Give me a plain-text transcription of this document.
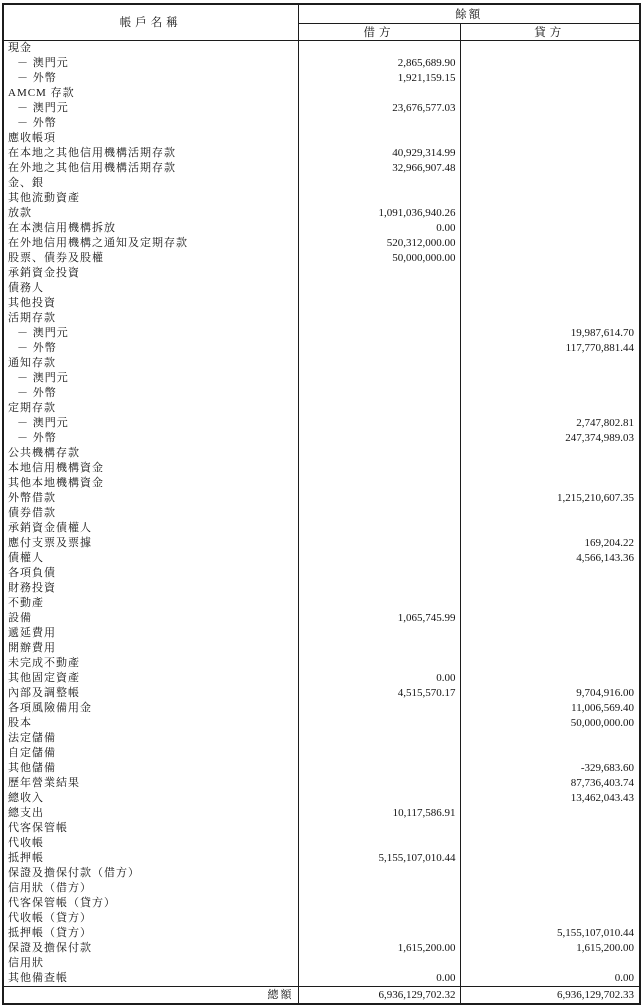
帳戶名稱	餘額	
	借方	貸方
現金		
－ 澳門元	2,865,689.90	
－ 外幣	1,921,159.15	
AMCM 存款		
－ 澳門元	23,676,577.03	
－ 外幣		
應收帳項		
在本地之其他信用機構活期存款	40,929,314.99	
在外地之其他信用機構活期存款	32,966,907.48	
金、銀		
其他流動資產		
放款	1,091,036,940.26	
在本澳信用機構拆放	0.00	
在外地信用機構之通知及定期存款	520,312,000.00	
股票、債券及股權	50,000,000.00	
承銷資金投資		
債務人		
其他投資		
活期存款		
－ 澳門元		19,987,614.70
－ 外幣		117,770,881.44
通知存款		
－ 澳門元		
－ 外幣		
定期存款		
－ 澳門元		2,747,802.81
－ 外幣		247,374,989.03
公共機構存款		
本地信用機構資金		
其他本地機構資金		
外幣借款		1,215,210,607.35
債券借款		
承銷資金債權人		
應付支票及票據		169,204.22
債權人		4,566,143.36
各項負債		
財務投資		
不動產		
設備	1,065,745.99	
遞延費用		
開辦費用		
未完成不動產		
其他固定資產	0.00	
內部及調整帳	4,515,570.17	9,704,916.00
各項風險備用金		11,006,569.40
股本		50,000,000.00
法定儲備		
自定儲備		
其他儲備		-329,683.60
歷年營業結果		87,736,403.74
總收入		13,462,043.43
總支出	10,117,586.91	
代客保管帳		
代收帳		
抵押帳	5,155,107,010.44	
保證及擔保付款（借方）		
信用狀（借方）		
代客保管帳（貸方）		
代收帳（貸方）		
抵押帳（貸方）		5,155,107,010.44
保證及擔保付款	1,615,200.00	1,615,200.00
信用狀		
其他備查帳	0.00	0.00
總額	6,936,129,702.32	6,936,129,702.33
